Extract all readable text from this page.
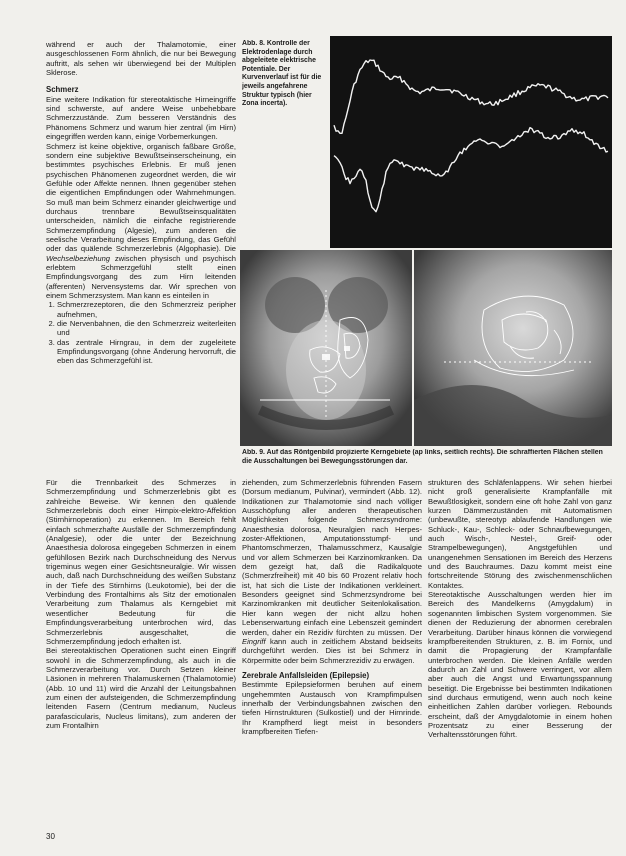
während er auch der Thalamotomie, einer ausgeschlossenen Form ähnlich, die nur bei Bewegung auftritt, als sehen wir überwiegend bei der Multiplen Sklerose.

Schmerz

Eine weitere Indikation für stereotaktische Hirneingriffe sind schwerste, auf andere Weise unbehebbare Schmerzzustände. Zum besseren Verständnis des Phänomens Schmerz und warum hier zentral (im Hirn) eingegriffen werden kann, einige Vorbemerkungen.

Schmerz ist keine objektive, organisch faßbare Größe, sondern eine subjektive Bewußtseinserscheinung, ein bestimmtes psychisches Erlebnis. Er muß jenen psychischen Phänomenen zugeordnet werden, die wir Gefühle oder Affekte nennen. Ihnen gegenüber stehen die eigentlichen Empfindungen oder Wahrnehmungen. So muß man beim Schmerz einander gleichwertige und durchaus trennbare Bewußtseinsqualitäten unterscheiden, nämlich die einfache registrierende Schmerzempfindung (Algesie), zum anderen die seelische Verarbeitung dieses Empfindung, das Gefühl oder das quälende Schmerzerlebnis (Algophasie). Die Wechselbeziehung zwischen physisch und psychisch erlebtem Schmerzgefühl stellt einen Empfindungsvorgang des zum Hirn leitenden (afferenten) Nervensystems dar. Wir sprechen von einem Schmerzsystem. Man kann es einteilen in

1. Schmerzrezeptoren, die den Schmerzreiz peripher aufnehmen,
2. die Nervenbahnen, die den Schmerzreiz weiterleiten und
3. das zentrale Hirngrau, in dem der zugeleitete Empfindungsvorgang (ohne Änderung hervorruft, die eben das Schmerzgefühl ist.
Abb. 8. Kontrolle der Elektrodenlage durch abgeleitete elektrische Potentiale. Der Kurvenverlauf ist für die jeweils angefahrene Struktur typisch (hier Zona incerta).
Abb. 9. Auf das Röntgenbild projizierte Kerngebiete (ap links, seitlich rechts). Die schraffierten Flächen stellen die Ausschaltungen bei Bewegungsstörungen dar.

Für die Trennbarkeit des Schmerzes in Schmerzempfindung und Schmerzerlebnis gibt es zahlreiche Beweise. Wir kennen den quälende Schmerzerlebnis doch einer Hirnpix-elektro-Affektion (Stirnhirnoperation) zu erkennen. Im Bereich fehlt einfach schmerzhafte Ausfälle der Schmerzempfindung (Analgesie), oder die unter der Bezeichnung Anaesthesia dolorosa eingegeben Schmerzen in einem gefühllosen Bezirk nach Durchschneidung des Nervus trigeminus wegen einer Gesichtsneuralgie. Wir wissen auch, daß nach Durchschneidung des weißen Substanz in der Tiefe des Stirnhirns (Leukotomie), bei der die Verbindung des Frontalhirns als Sitz der emotionalen Verarbeitung zum Thalamus als Kerngebiet mit wesentlicher Bedeutung für die Empfindungsverarbeitung unterbrochen wird, das Schmerzerlebnis ausgeschaltet, die Schmerzempfindung jedoch erhalten ist.

Bei stereotaktischen Operationen sucht einen Eingriff sowohl in die Schmerzempfindung, als auch in die Schmerzverarbeitung vor. Durch Setzen kleiner Läsionen in mehreren Thalamuskernen (Thalamotomie) (Abb. 10 und 11) wird die Anzahl der Leitungsbahnen zum einen der aufsteigenden, die Schmerzempfindung leitenden Fasern (Centrum medianum, Nucleus parafascicularis, Nucleus limitans), zum anderen der zum Frontalhirn

ziehenden, zum Schmerzerlebnis führenden Fasern (Dorsum medianum, Pulvinar), vermindert (Abb. 12). Indikationen zur Thalamotomie sind nach völliger Ausschöpfung aller anderen therapeutischen Möglichkeiten folgende Schmerzsyndrome: Anaesthesia dolorosa, Neuralgien nach Herpes-zoster-Affektionen, Amputationsstumpf- und Phantomschmerzen, Thalamusschmerz, Kausalgie und vor allem Schmerzen bei Karzinomkranken. Da dem gezeigt hat, daß die Radikalquote (Schmerzfreiheit) mit 40 bis 60 Prozent relativ hoch ist, hat sich die Liste der Indikationen verkleinert. Besonders geeignet sind Schmerzsyndrome bei Karzinomkranken mit deutlicher Seitenlokalisation. Hier kann wegen der nicht allzu hohen Lebenserwartung einfach eine Lebenszeit gemindert werden, daher ein Rezidiv fürchten zu müssen. Der Eingriff kann auch in zeitlichem Abstand beidseits durchgeführt werden. Dies ist bei Schmerz in Körpermitte oder beim Schmerzrezidiv zu erwägen.

Zerebrale Anfallsleiden (Epilepsie)

Bestimmte Epilepsieformen beruhen auf einem ungehemmten Austausch von Krampfimpulsen innerhalb der Verbindungsbahnen zwischen den tiefen Hirnstrukturen (Sulkostiel) und der Hirnrinde. Ihr Krampfherd liegt meist in besonders krampfbereiten Tiefen-

strukturen des Schläfenlappens. Wir sehen hierbei nicht groß generalisierte Krampfanfälle mit Bewußtlosigkeit, sondern eine oft hohe Zahl von ganz kurzen Dämmerzuständen mit Automatismen (unbewußte, stereotyp ablaufende Handlungen wie Schluck-, Kau-, Schleck- oder Schnaufbewegungen, auch Wisch-, Nestel-, Greif- oder Strampelbewegungen), Angstgefühlen und unangenehmen Sensationen im Bereich des Herzens und des Bauchraumes. Dazu kommt meist eine fortschreitende Störung des zwischenmenschlichen Kontaktes.

Stereotaktische Ausschaltungen werden hier im Bereich des Mandelkerns (Amygdalum) in sogenannten limbischen System vorgenommen. Sie dienen der Reduzierung der abnormen cerebralen Verarbeitung. Darüber hinaus können die vorwiegend krampfbereitenden Strukturen, z. B. im Fornix, und damit die Propagierung der Krampfanfälle unterbrochen werden. Die kleinen Anfälle werden dadurch an Zahl und Schwere verringert, vor allem aber auch die Angst und Erwartungsspannung beseitigt. Die Ergebnisse bei bestimmten Indikationen sind durchaus ermutigend, wenn auch noch keine einheitlichen Zahlen darüber vorliegen. Rebounds erscheint, daß der Amygdalotomie in einem hohen Prozentsatz zu einer Besserung der Verhaltensstörungen führt.

30
